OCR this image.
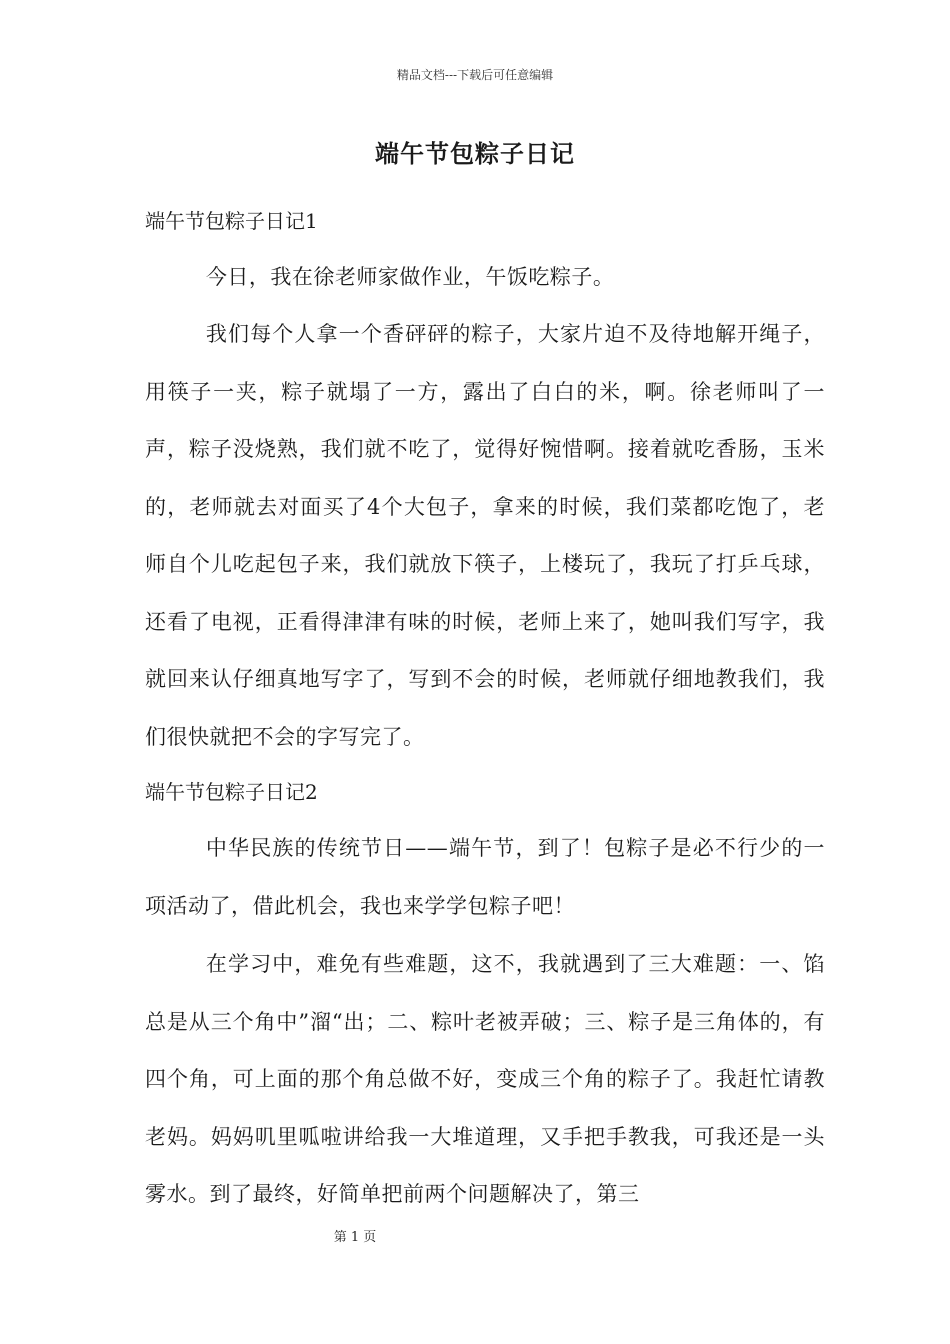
精品文档---下载后可任意编辑
端午节包粽子日记
端午节包粽子日记1

今日，我在徐老师家做作业，午饭吃粽子。

我们每个人拿一个香砰砰的粽子，大家片迫不及待地解开绳子，用筷子一夹，粽子就塌了一方，露出了白白的米，啊。徐老师叫了一声，粽子没烧熟，我们就不吃了，觉得好惋惜啊。接着就吃香肠，玉米的，老师就去对面买了4个大包子，拿来的时候，我们菜都吃饱了，老师自个儿吃起包子来，我们就放下筷子，上楼玩了，我玩了打乒乓球，还看了电视，正看得津津有味的时候，老师上来了，她叫我们写字，我就回来认仔细真地写字了，写到不会的时候，老师就仔细地教我们，我们很快就把不会的字写完了。

端午节包粽子日记2

中华民族的传统节日——端午节，到了！包粽子是必不行少的一项活动了，借此机会，我也来学学包粽子吧！

在学习中，难免有些难题，这不，我就遇到了三大难题：一、馅总是从三个角中”溜“出；二、粽叶老被弄破；三、粽子是三角体的，有四个角，可上面的那个角总做不好，变成三个角的粽子了。我赶忙请教老妈。妈妈叽里呱啦讲给我一大堆道理，又手把手教我，可我还是一头雾水。到了最终，好简单把前两个问题解决了，第三

第 1 页
